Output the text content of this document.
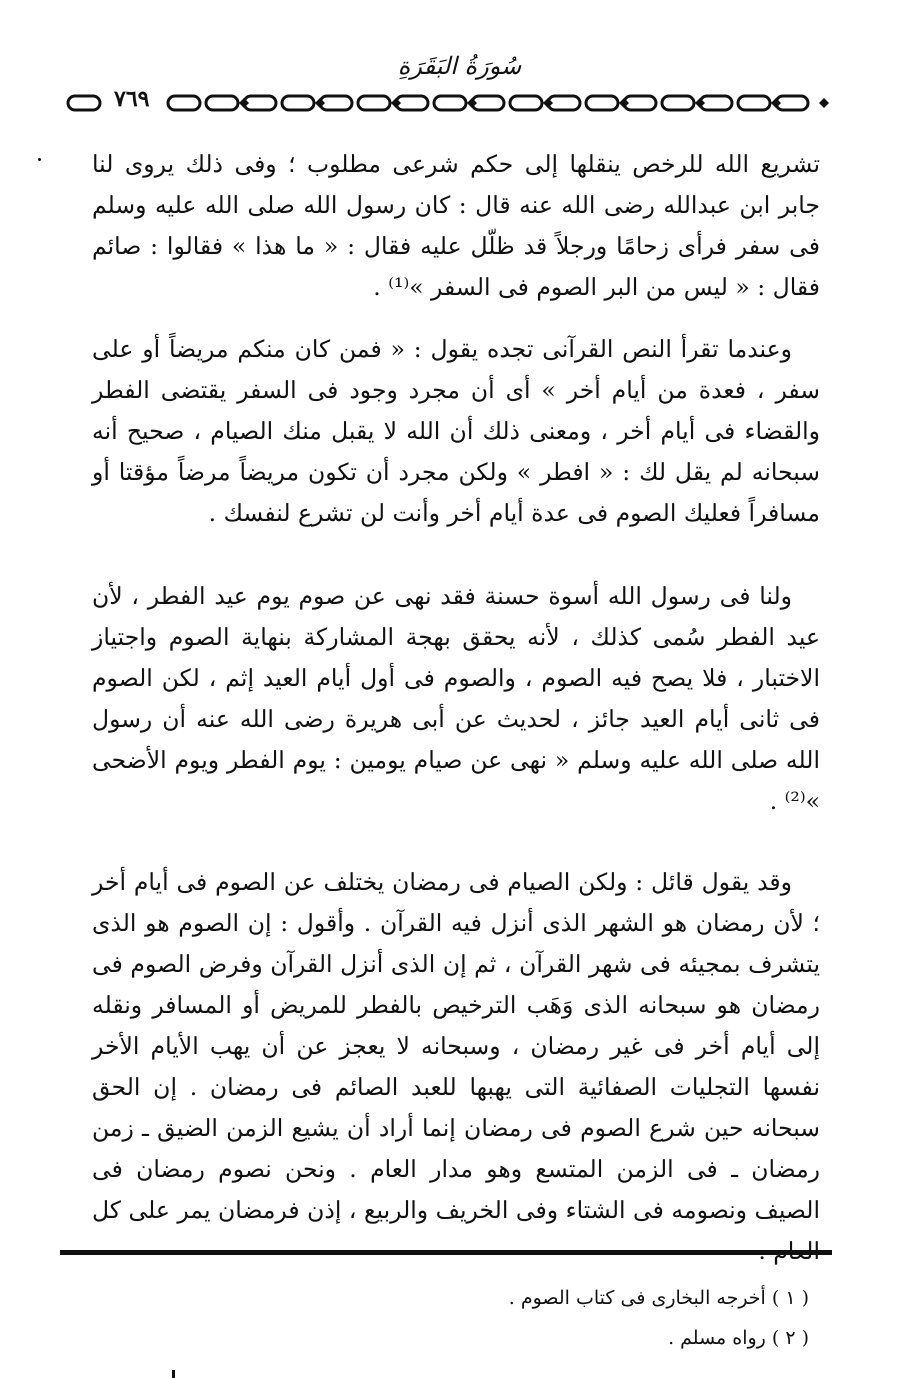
سُورَةُ البَقَرَةِ
٧٦٩

تشريع الله للرخص ينقلها إلى حكم شرعى مطلوب ؛ وفى ذلك يروى لنا جابر ابن عبدالله رضى الله عنه قال : كان رسول الله صلى الله عليه وسلم فى سفر فرأى زحامًا ورجلاً قد ظلّل عليه فقال : « ما هذا » فقالوا : صائم فقال : « ليس من البر الصوم فى السفر »⁽¹⁾ .

وعندما تقرأ النص القرآنى تجده يقول : « فمن كان منكم مريضاً أو على سفر ، فعدة من أيام أخر » أى أن مجرد وجود فى السفر يقتضى الفطر والقضاء فى أيام أخر ، ومعنى ذلك أن الله لا يقبل منك الصيام ، صحيح أنه سبحانه لم يقل لك : « افطر » ولكن مجرد أن تكون مريضاً مرضاً مؤقتا أو مسافراً فعليك الصوم فى عدة أيام أخر وأنت لن تشرع لنفسك .

ولنا فى رسول الله أسوة حسنة فقد نهى عن صوم يوم عيد الفطر ، لأن عيد الفطر سُمى كذلك ، لأنه يحقق بهجة المشاركة بنهاية الصوم واجتياز الاختبار ، فلا يصح فيه الصوم ، والصوم فى أول أيام العيد إثم ، لكن الصوم فى ثانى أيام العيد جائز ، لحديث عن أبى هريرة رضى الله عنه أن رسول الله صلى الله عليه وسلم « نهى عن صيام يومين : يوم الفطر ويوم الأضحى »⁽²⁾ .

وقد يقول قائل : ولكن الصيام فى رمضان يختلف عن الصوم فى أيام أخر ؛ لأن رمضان هو الشهر الذى أنزل فيه القرآن . وأقول : إن الصوم هو الذى يتشرف بمجيئه فى شهر القرآن ، ثم إن الذى أنزل القرآن وفرض الصوم فى رمضان هو سبحانه الذى وَهَب الترخيص بالفطر للمريض أو المسافر ونقله إلى أيام أخر فى غير رمضان ، وسبحانه لا يعجز عن أن يهب الأيام الأخر نفسها التجليات الصفائية التى يهبها للعبد الصائم فى رمضان . إن الحق سبحانه حين شرع الصوم فى رمضان إنما أراد أن يشيع الزمن الضيق ـ زمن رمضان ـ فى الزمن المتسع وهو مدار العام . ونحن نصوم رمضان فى الصيف ونصومه فى الشتاء وفى الخريف والربيع ، إذن فرمضان يمر على كل

( ١ ) أخرجه البخارى فى كتاب الصوم .
( ٢ ) رواه مسلم .
